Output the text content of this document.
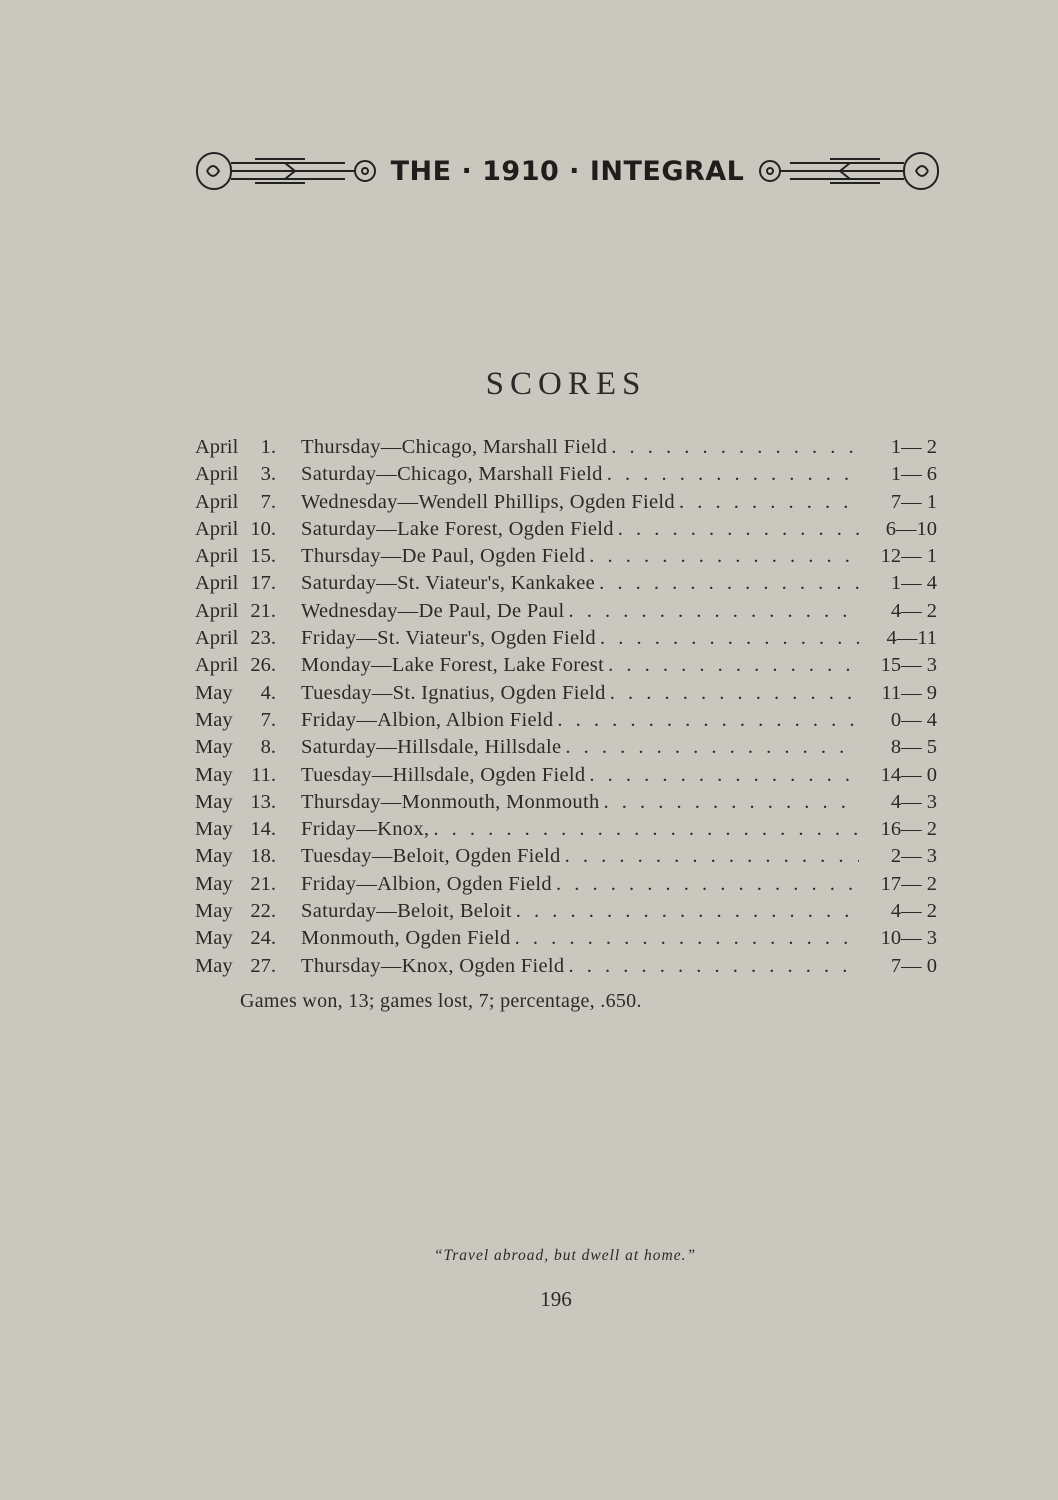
THE · 1910 · INTEGRAL
SCORES
April	1. Thursday—Chicago, Marshall Field . . .	1— 2
April	3. Saturday—Chicago, Marshall Field . . .	1— 6
April	7. Wednesday—Wendell Phillips, Ogden Field . . .	7— 1
April 10. Saturday—Lake Forest, Ogden Field . . .	6—10
April 15. Thursday—De Paul, Ogden Field . . .	12— 1
April 17. Saturday—St. Viateur's, Kankakee . . .	1— 4
April 21. Wednesday—De Paul, De Paul . . .	4— 2
April 23. Friday—St. Viateur's, Ogden Field . . .	4—11
April 26. Monday—Lake Forest, Lake Forest . . .	15— 3
May	4. Tuesday—St. Ignatius, Ogden Field . . .	11— 9
May	7. Friday—Albion, Albion Field . . .	0— 4
May	8. Saturday—Hillsdale, Hillsdale . . .	8— 5
May 11. Tuesday—Hillsdale, Ogden Field . . .	14— 0
May 13. Thursday—Monmouth, Monmouth . . .	4— 3
May 14. Friday—Knox, . . .	16— 2
May 18. Tuesday—Beloit, Ogden Field . . .	2— 3
May 21. Friday—Albion, Ogden Field . . .	17— 2
May 22. Saturday—Beloit, Beloit . . .	4— 2
May 24. Monmouth, Ogden Field . . .	10— 3
May 27. Thursday—Knox, Ogden Field . . .	7— 0
Games won, 13; games lost, 7; percentage, .650.
“Travel abroad, but dwell at home.”
196
